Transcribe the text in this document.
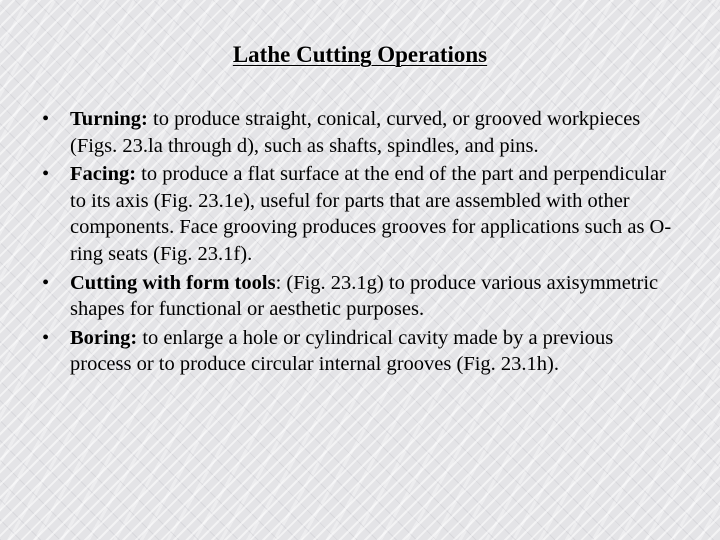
Lathe Cutting Operations
•	Turning: to produce straight, conical, curved, or grooved workpieces (Figs. 23.la through d), such as shafts, spindles, and pins.
•	Facing: to produce a flat surface at the end of the part and perpendicular to its axis (Fig. 23.1e), useful for parts that are assembled with other components. Face grooving produces grooves for applications such as O-ring seats (Fig. 23.1f).
•	Cutting with form tools: (Fig. 23.1g) to produce various axisymmetric shapes for functional or aesthetic purposes.
•	Boring: to enlarge a hole or cylindrical cavity made by a previous process or to produce circular internal grooves (Fig. 23.1h).
